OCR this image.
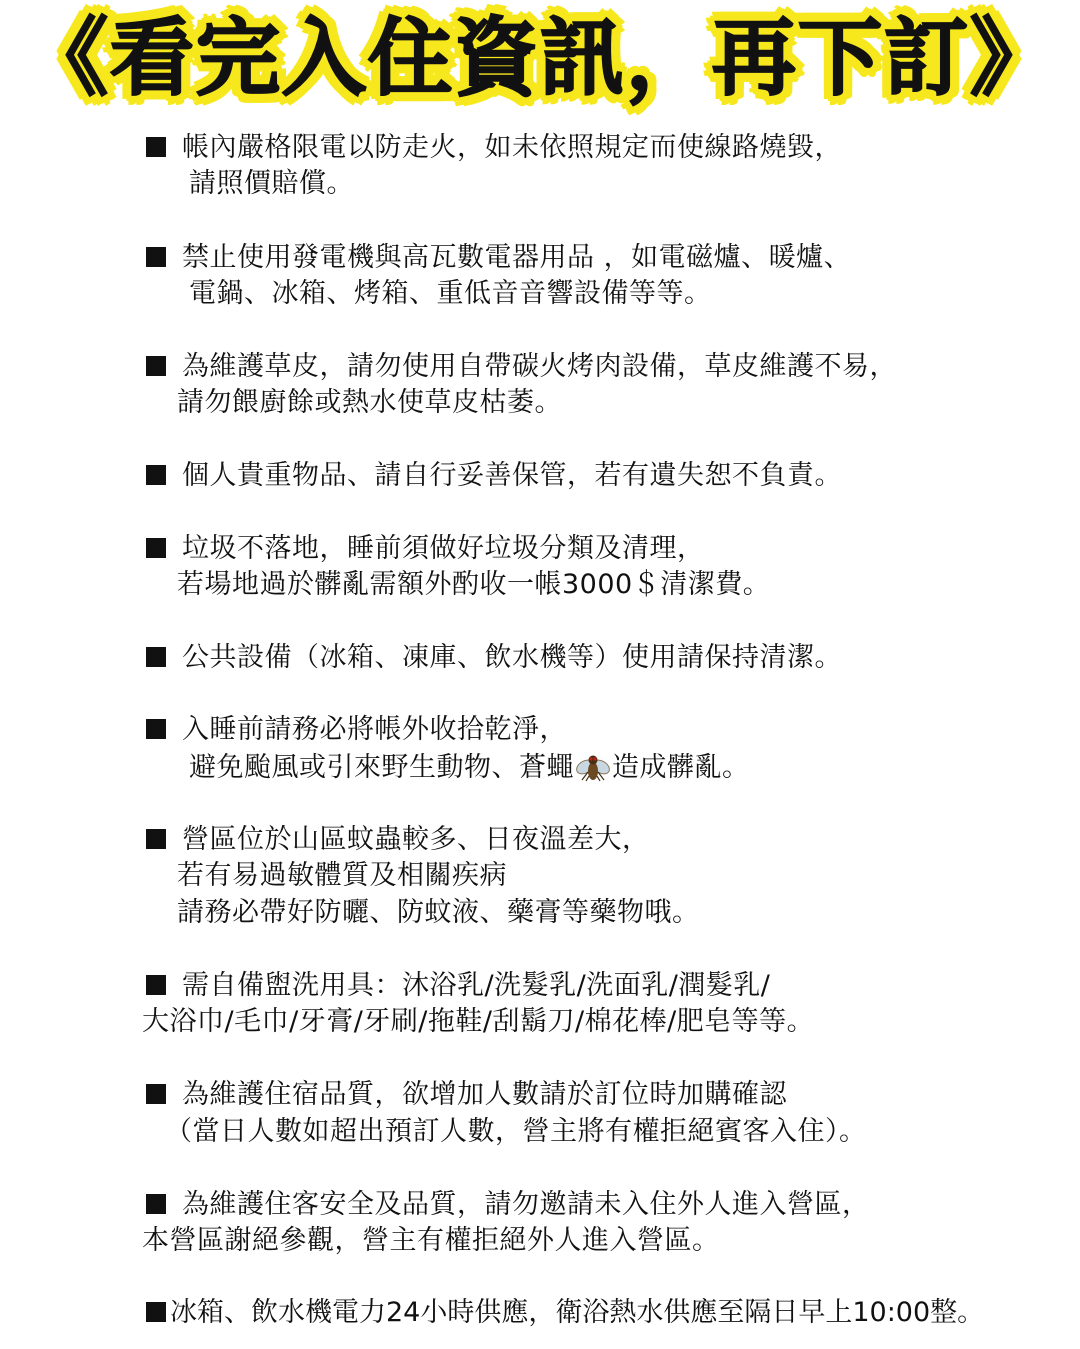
《看完入住資訊，再下訂》
帳內嚴格限電以防走火，如未依照規定而使線路燒毀，
請照價賠償。
禁止使用發電機與高瓦數電器用品 ，如電磁爐、暖爐、
電鍋、冰箱、烤箱、重低音音響設備等等。
為維護草皮，請勿使用自帶碳火烤肉設備，草皮維護不易，
請勿餵廚餘或熱水使草皮枯萎。
個人貴重物品、請自行妥善保管，若有遺失恕不負責。
垃圾不落地，睡前須做好垃圾分類及清理，
若場地過於髒亂需額外酌收一帳3000＄清潔費。
公共設備（冰箱、凍庫、飲水機等）使用請保持清潔。
入睡前請務必將帳外收拾乾淨，
避免颱風或引來野生動物、蒼蠅 造成髒亂。
營區位於山區蚊蟲較多、日夜溫差大，
若有易過敏體質及相關疾病
請務必帶好防曬、防蚊液、藥膏等藥物哦。
需自備盥洗用具：沐浴乳/洗髮乳/洗面乳/潤髮乳/
大浴巾/毛巾/牙膏/牙刷/拖鞋/刮鬍刀/棉花棒/肥皂等等。
為維護住宿品質，欲增加人數請於訂位時加購確認
（當日人數如超出預訂人數，營主將有權拒絕賓客入住）。
為維護住客安全及品質，請勿邀請未入住外人進入營區，
本營區謝絕參觀，營主有權拒絕外人進入營區。
冰箱、飲水機電力24小時供應，衛浴熱水供應至隔日早上10:00整。
